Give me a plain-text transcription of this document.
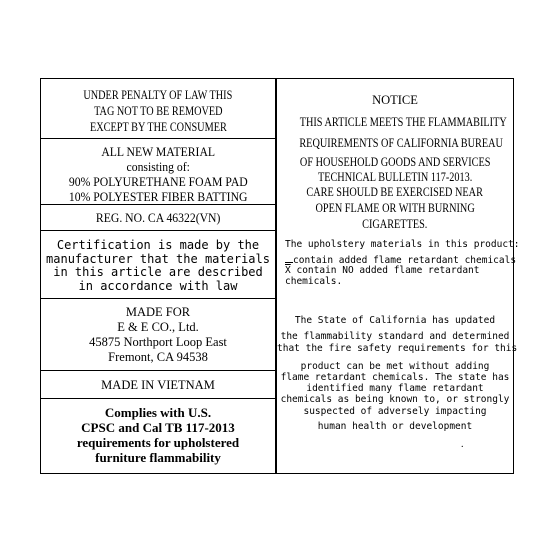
UNDER PENALTY OF LAW THIS
TAG NOT TO BE REMOVED
EXCEPT BY THE CONSUMER
ALL NEW MATERIAL
consisting of:
90% POLYURETHANE FOAM PAD
10% POLYESTER FIBER BATTING
REG. NO. CA 46322(VN)
Certification is made by the
manufacturer that the materials
in this article are described
in accordance with law
MADE FOR
E & E CO., Ltd.
45875 Northport Loop East
Fremont, CA 94538
MADE IN VIETNAM
Complies with U.S.
CPSC and Cal TB 117-2013
requirements for upholstered
furniture flammability
NOTICE
THIS ARTICLE MEETS THE FLAMMABILITY
REQUIREMENTS OF CALIFORNIA BUREAU
OF HOUSEHOLD GOODS AND SERVICES
TECHNICAL BULLETIN 117-2013.
CARE SHOULD BE EXERCISED NEAR
OPEN FLAME OR WITH BURNING
CIGARETTES.
The upholstery materials in this product:
contain added flame retardant chemicals
$\overline{X}$ contain NO added flame retardant
chemicals.
The State of California has updated
the flammability standard and determined
that the fire safety requirements for this
product can be met without adding
flame retardant chemicals. The state has
identified many flame retardant
chemicals as being known to, or strongly
suspected of adversely impacting
human health or development
.
